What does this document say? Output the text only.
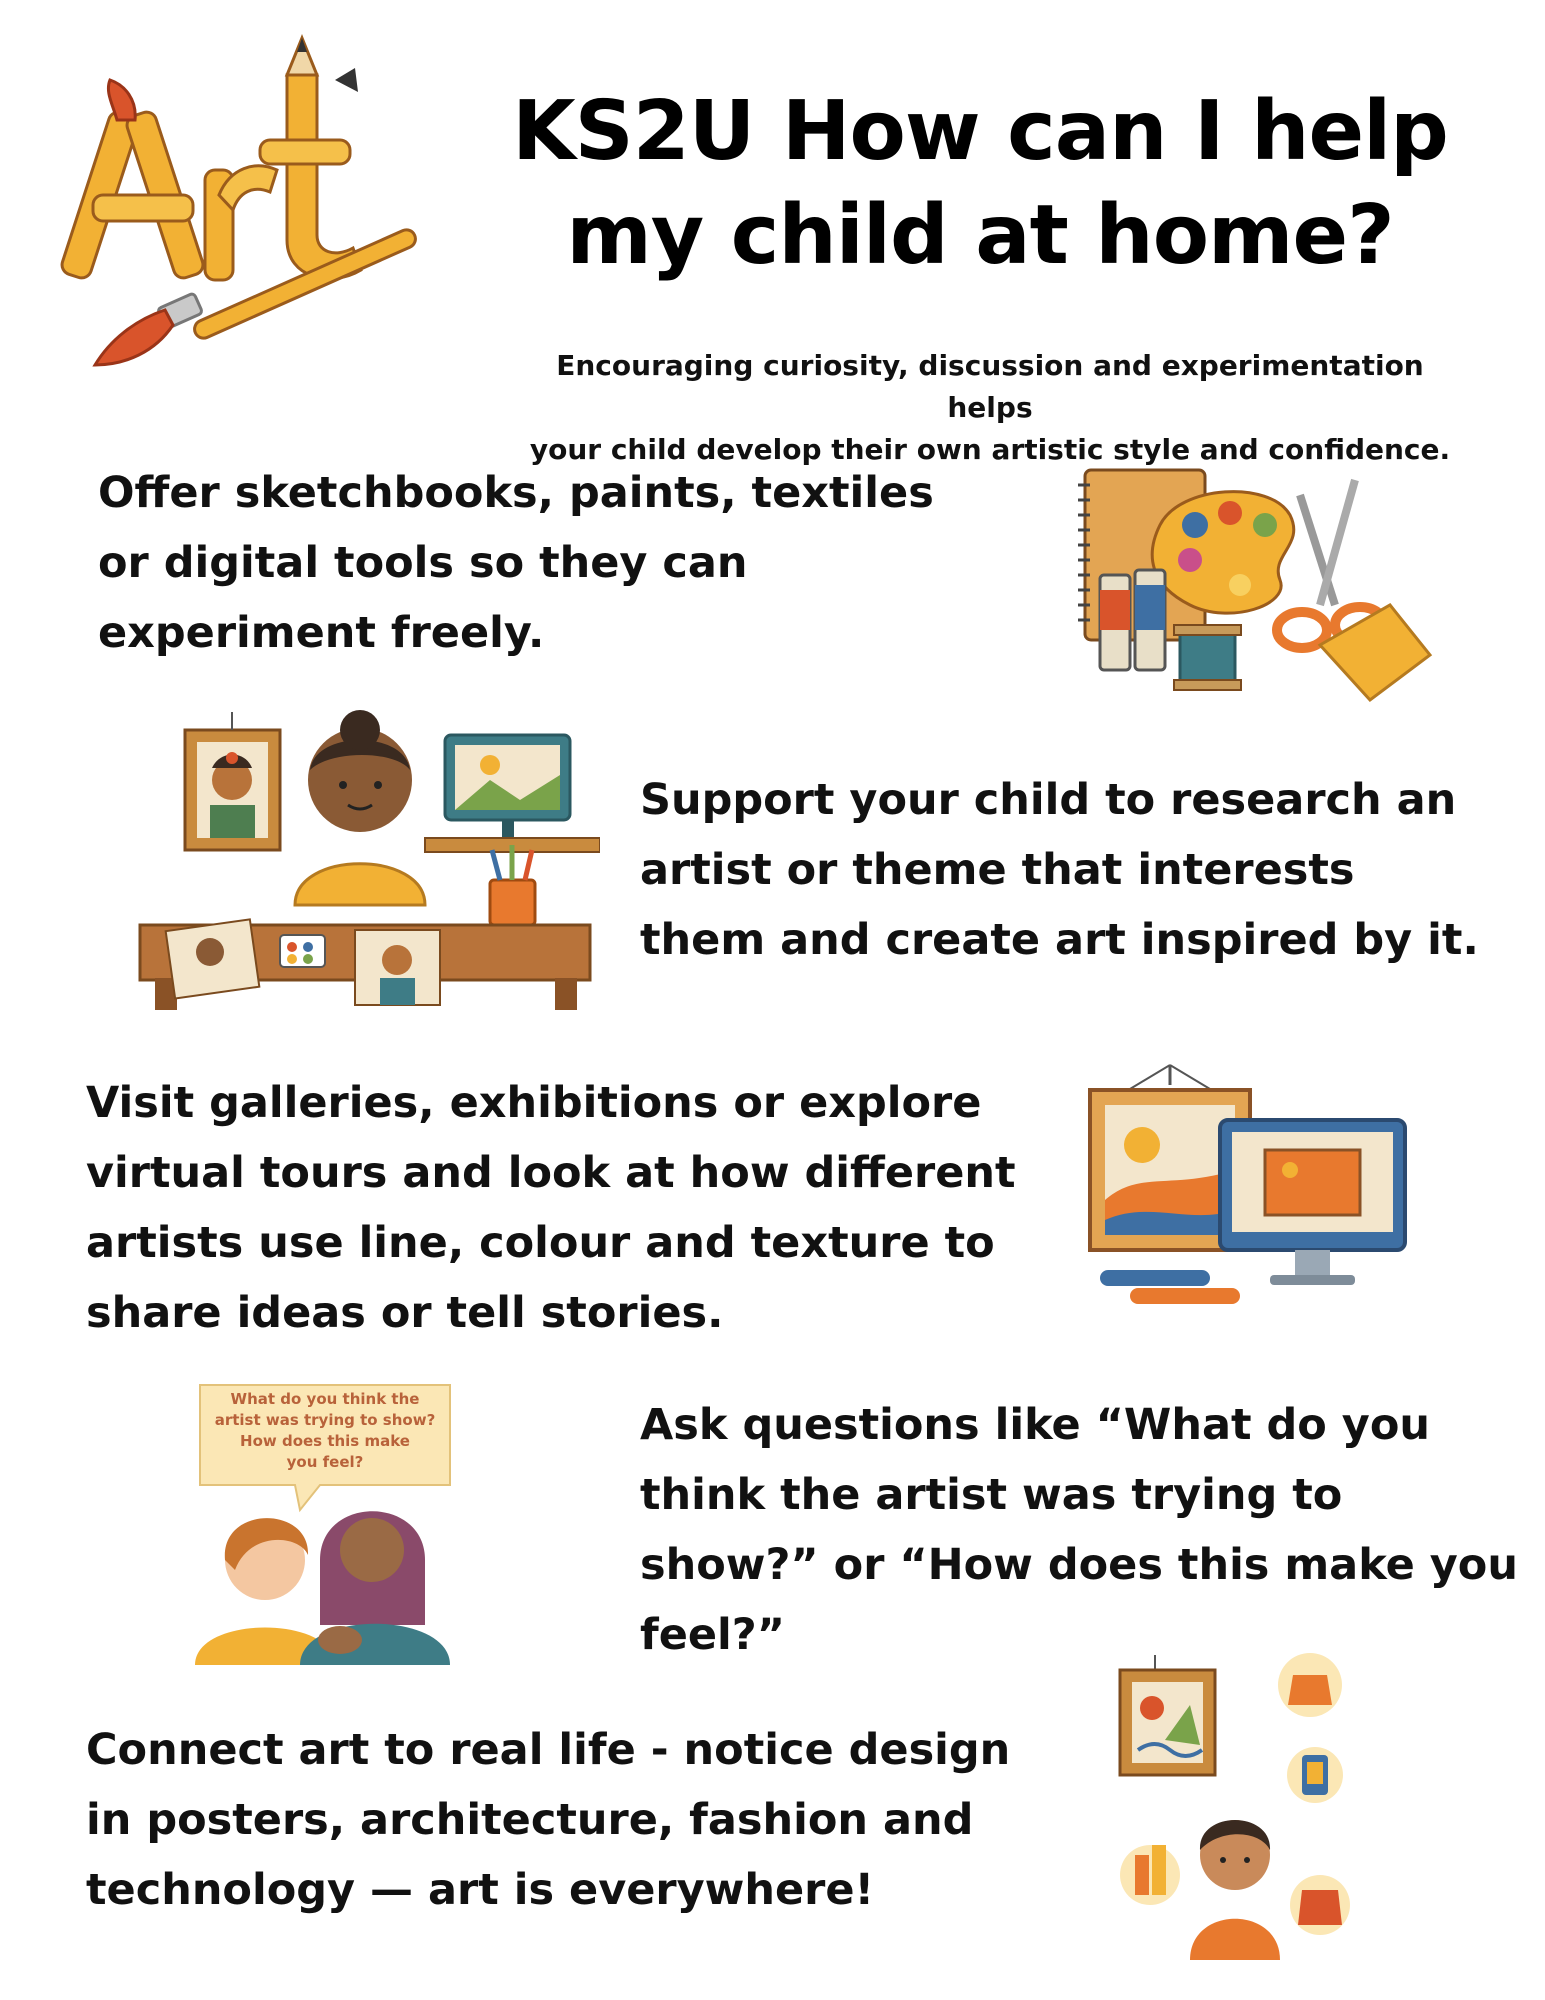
KS2U How can I help
my child at home?
Encouraging curiosity, discussion and experimentation helps
your child develop their own artistic style and confidence.

Offer sketchbooks, paints, textiles
or digital tools so they can
experiment freely.

Support your child to research an
artist or theme that interests
them and create art inspired by it.

Visit galleries, exhibitions or explore
virtual tours and look at how different
artists use line, colour and texture to
share ideas or tell stories.

What do you think the
artist was trying to show?
How does this make
you feel?

Ask questions like “What do you
think the artist was trying to
show?” or “How does this make you
feel?”

Connect art to real life - notice design
in posters, architecture, fashion and
technology — art is everywhere!
